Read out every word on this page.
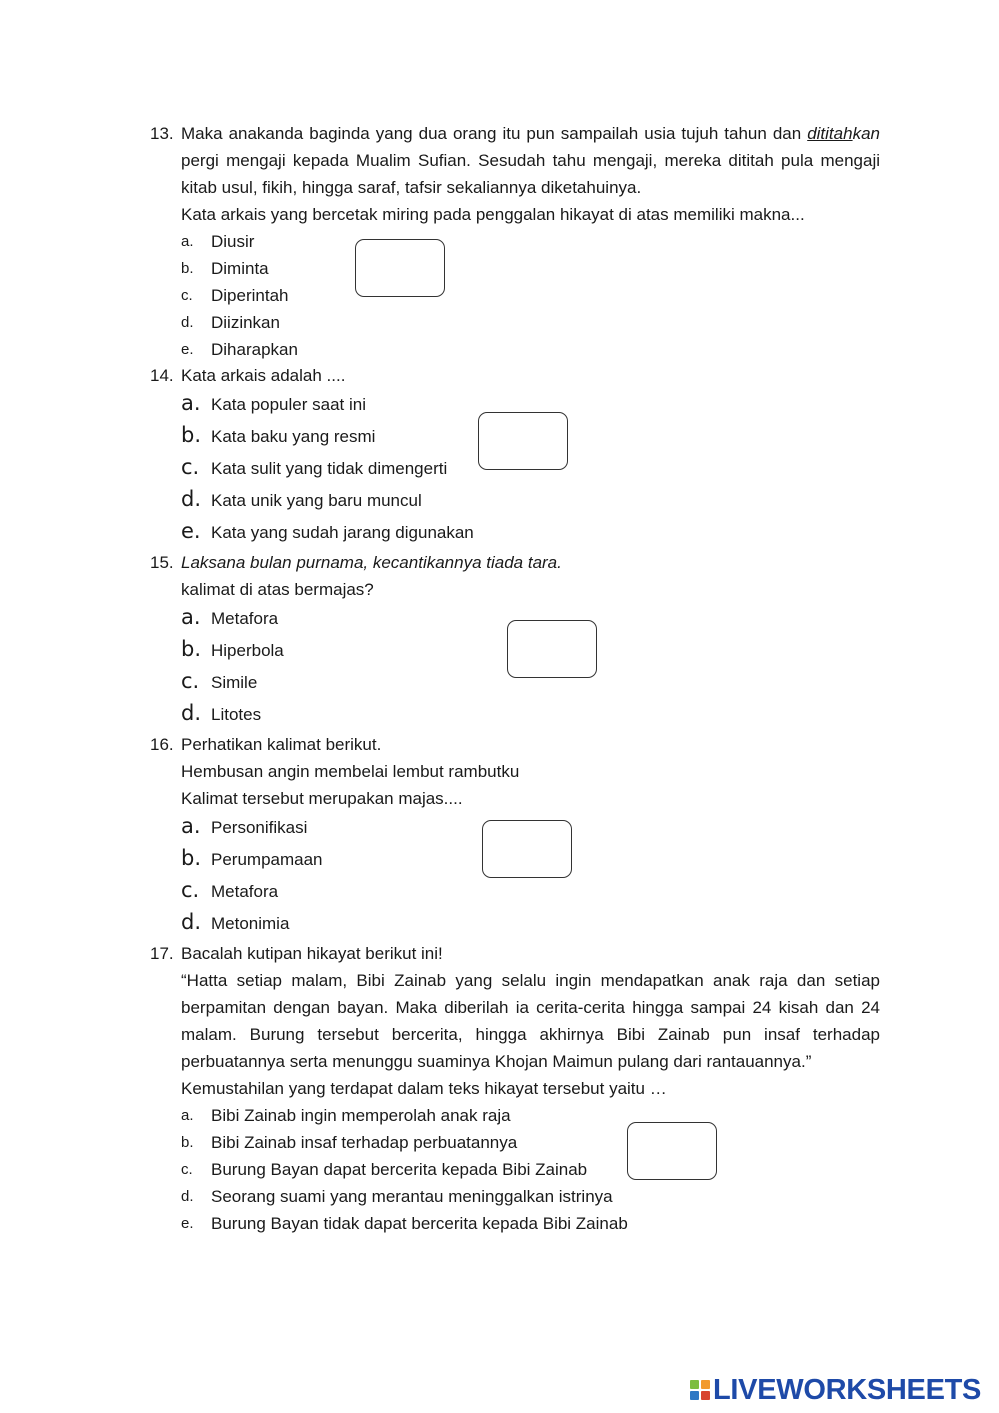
13. Maka anakanda baginda yang dua orang itu pun sampailah usia tujuh tahun dan dititahkan pergi mengaji kepada Mualim Sufian. Sesudah tahu mengaji, mereka dititah pula mengaji kitab usul, fikih, hingga saraf, tafsir sekaliannya diketahuinya.
Kata arkais yang bercetak miring pada penggalan hikayat di atas memiliki makna...
a. Diusir
b. Diminta
c. Diperintah
d. Diizinkan
e. Diharapkan
14. Kata arkais adalah ....
a. Kata populer saat ini
b. Kata baku yang resmi
c. Kata sulit yang tidak dimengerti
d. Kata unik yang baru muncul
e. Kata yang sudah jarang digunakan
15. Laksana bulan purnama, kecantikannya tiada tara.
kalimat di atas bermajas?
a. Metafora
b. Hiperbola
c. Simile
d. Litotes
16. Perhatikan kalimat berikut.
Hembusan angin membelai lembut rambutku
Kalimat tersebut merupakan majas....
a. Personifikasi
b. Perumpamaan
c. Metafora
d. Metonimia
17. Bacalah kutipan hikayat berikut ini!
“Hatta setiap malam, Bibi Zainab yang selalu ingin mendapatkan anak raja dan setiap berpamitan dengan bayan. Maka diberilah ia cerita-cerita hingga sampai 24 kisah dan 24 malam. Burung tersebut bercerita, hingga akhirnya Bibi Zainab pun insaf terhadap perbuatannya serta menunggu suaminya Khojan Maimun pulang dari rantauannya.”
Kemustahilan yang terdapat dalam teks hikayat tersebut yaitu …
a. Bibi Zainab ingin memperolah anak raja
b. Bibi Zainab insaf terhadap perbuatannya
c. Burung Bayan dapat bercerita kepada Bibi Zainab
d. Seorang suami yang merantau meninggalkan istrinya
e. Burung Bayan tidak dapat bercerita kepada Bibi Zainab
LIVEWORKSHEETS
